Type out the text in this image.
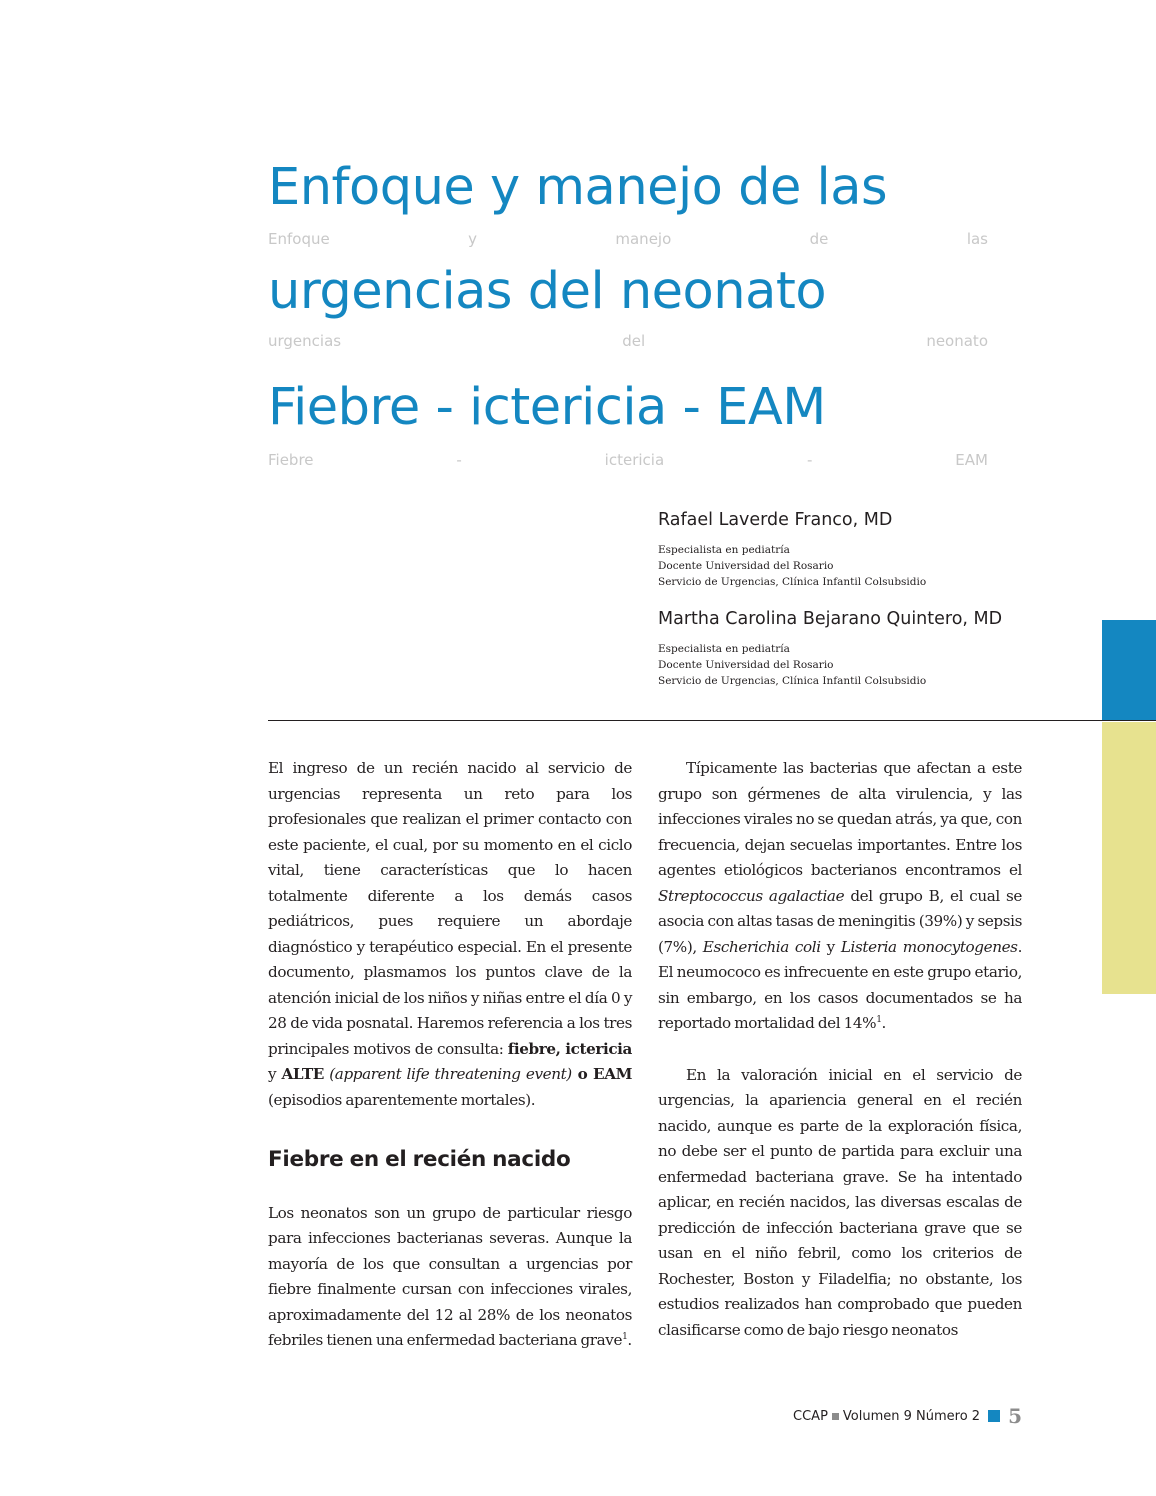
Enfoque y manejo de las
Enfoque y manejo de las
urgencias del neonato
urgencias del neonato
Fiebre - ictericia - EAM
Fiebre - ictericia - EAM
Rafael Laverde Franco, MD
Especialista en pediatría
Docente Universidad del Rosario
Servicio de Urgencias, Clínica Infantil Colsubsidio
Martha Carolina Bejarano Quintero, MD
Especialista en pediatría
Docente Universidad del Rosario
Servicio de Urgencias, Clínica Infantil Colsubsidio

El ingreso de un recién nacido al servicio de urgencias representa un reto para los profesionales que realizan el primer contacto con este paciente, el cual, por su momento en el ciclo vital, tiene características que lo hacen totalmente diferente a los demás casos pediátricos, pues requiere un abordaje diagnóstico y terapéutico especial. En el presente documento, plasmamos los puntos clave de la atención inicial de los niños y niñas entre el día 0 y 28 de vida posnatal. Haremos referencia a los tres principales motivos de consulta: fiebre, ictericia y ALTE (apparent life threatening event) o EAM (episodios aparentemente mortales).

Fiebre en el recién nacido

Los neonatos son un grupo de particular riesgo para infecciones bacterianas severas. Aunque la mayoría de los que consultan a urgencias por fiebre finalmente cursan con infecciones virales, aproximadamente del 12 al 28% de los neonatos febriles tienen una enfermedad bacteriana grave$^1$.

Típicamente las bacterias que afectan a este grupo son gérmenes de alta virulencia, y las infecciones virales no se quedan atrás, ya que, con frecuencia, dejan secuelas importantes. Entre los agentes etiológicos bacterianos encontramos el Streptococcus agalactiae del grupo B, el cual se asocia con altas tasas de meningitis (39%) y sepsis (7%), Escherichia coli y Listeria monocytogenes. El neumococo es infrecuente en este grupo etario, sin embargo, en los casos documentados se ha reportado mortalidad del 14%$^1$.

En la valoración inicial en el servicio de urgencias, la apariencia general en el recién nacido, aunque es parte de la exploración física, no debe ser el punto de partida para excluir una enfermedad bacteriana grave. Se ha intentado aplicar, en recién nacidos, las diversas escalas de predicción de infección bacteriana grave que se usan en el niño febril, como los criterios de Rochester, Boston y Filadelfia; no obstante, los estudios realizados han comprobado que pueden clasificarse como de bajo riesgo neonatos

CCAP Volumen 9 Número 2 5
